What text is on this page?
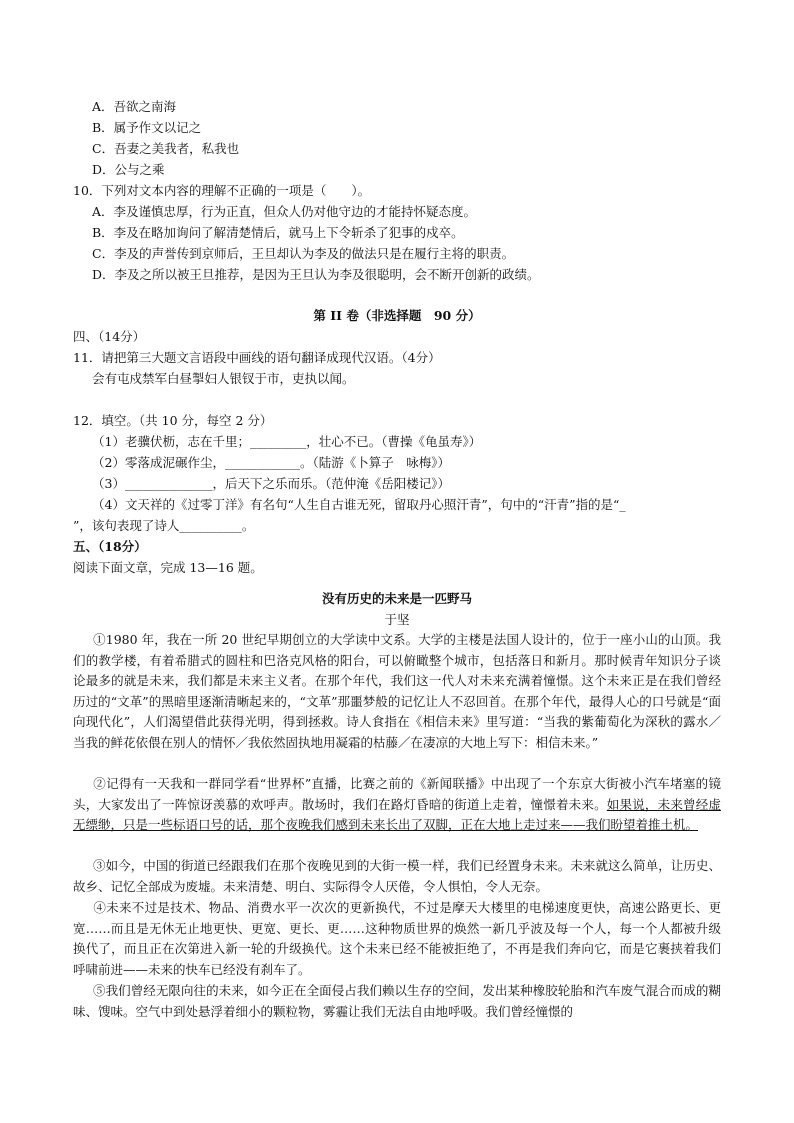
A．吾欲之南海
B．属予作文以记之
C．吾妻之美我者，私我也
D．公与之乘
10．下列对文本内容的理解不正确的一项是（　　）。
A．李及谨慎忠厚，行为正直，但众人仍对他守边的才能持怀疑态度。
B．李及在略加询问了解清楚情后，就马上下令斩杀了犯事的戍卒。
C．李及的声誉传到京师后，王旦却认为李及的做法只是在履行主将的职责。
D．李及之所以被王旦推荐，是因为王旦认为李及很聪明，会不断开创新的政绩。
第 II 卷（非选择题　90 分）
四、（14分）
11．请把第三大题文言语段中画线的语句翻译成现代汉语。（4分）
会有屯戍禁军白昼掣妇人银钗于市，吏执以闻。
12．填空。（共 10 分，每空 2 分）
（1）老骥伏枥，志在千里；_________，壮心不已。（曹操《龟虽寿》）
（2）零落成泥碾作尘，____________。（陆游《卜算子　咏梅》）
（3）______________，后天下之乐而乐。（范仲淹《岳阳楼记》）
（4）文天祥的《过零丁洋》有名句“人生自古谁无死，留取丹心照汗青”，句中的“汗青”指的是“_
”，该句表现了诗人__________。
五、（18分）
阅读下面文章，完成 13—16 题。
没有历史的未来是一匹野马
于坚

①1980 年，我在一所 20 世纪早期创立的大学读中文系。大学的主楼是法国人设计的，位于一座小山的山顶。我们的教学楼，有着希腊式的圆柱和巴洛克风格的阳台，可以俯瞰整个城市，包括落日和新月。那时候青年知识分子谈论最多的就是未来，我们都是未来主义者。在那个年代，我们这一代人对未来充满着憧憬。这个未来正是在我们曾经历过的“文革”的黑暗里逐渐清晰起来的，“文革”那噩梦般的记忆让人不忍回首。在那个年代，最得人心的口号就是“面向现代化”，人们渴望借此获得光明，得到拯救。诗人食指在《相信未来》里写道：“当我的紫葡萄化为深秋的露水／当我的鲜花依偎在别人的情怀／我依然固执地用凝霜的枯藤／在凄凉的大地上写下：相信未来。”

②记得有一天我和一群同学看“世界杯”直播，比赛之前的《新闻联播》中出现了一个东京大街被小汽车堵塞的镜头，大家发出了一阵惊讶羡慕的欢呼声。散场时，我们在路灯昏暗的街道上走着，憧憬着未来。如果说，未来曾经虚无缥缈，只是一些标语口号的话，那个夜晚我们感到未来长出了双脚，正在大地上走过来——我们盼望着推土机。

③如今，中国的街道已经跟我们在那个夜晚见到的大街一模一样，我们已经置身未来。未来就这么简单，让历史、故乡、记忆全部成为废墟。未来清楚、明白、实际得令人厌倦，令人惧怕，令人无奈。

④未来不过是技术、物品、消费水平一次次的更新换代，不过是摩天大楼里的电梯速度更快，高速公路更长、更宽……而且是无休无止地更快、更宽、更长、更……这种物质世界的焕然一新几乎波及每一个人，每一个人都被升级换代了，而且正在次第进入新一轮的升级换代。这个未来已经不能被拒绝了，不再是我们奔向它，而是它裹挟着我们呼啸前进——未来的快车已经没有刹车了。

⑤我们曾经无限向往的未来，如今正在全面侵占我们赖以生存的空间，发出某种橡胶轮胎和汽车废气混合而成的糊味、馊味。空气中到处悬浮着细小的颗粒物，雾霾让我们无法自由地呼吸。我们曾经憧憬的
